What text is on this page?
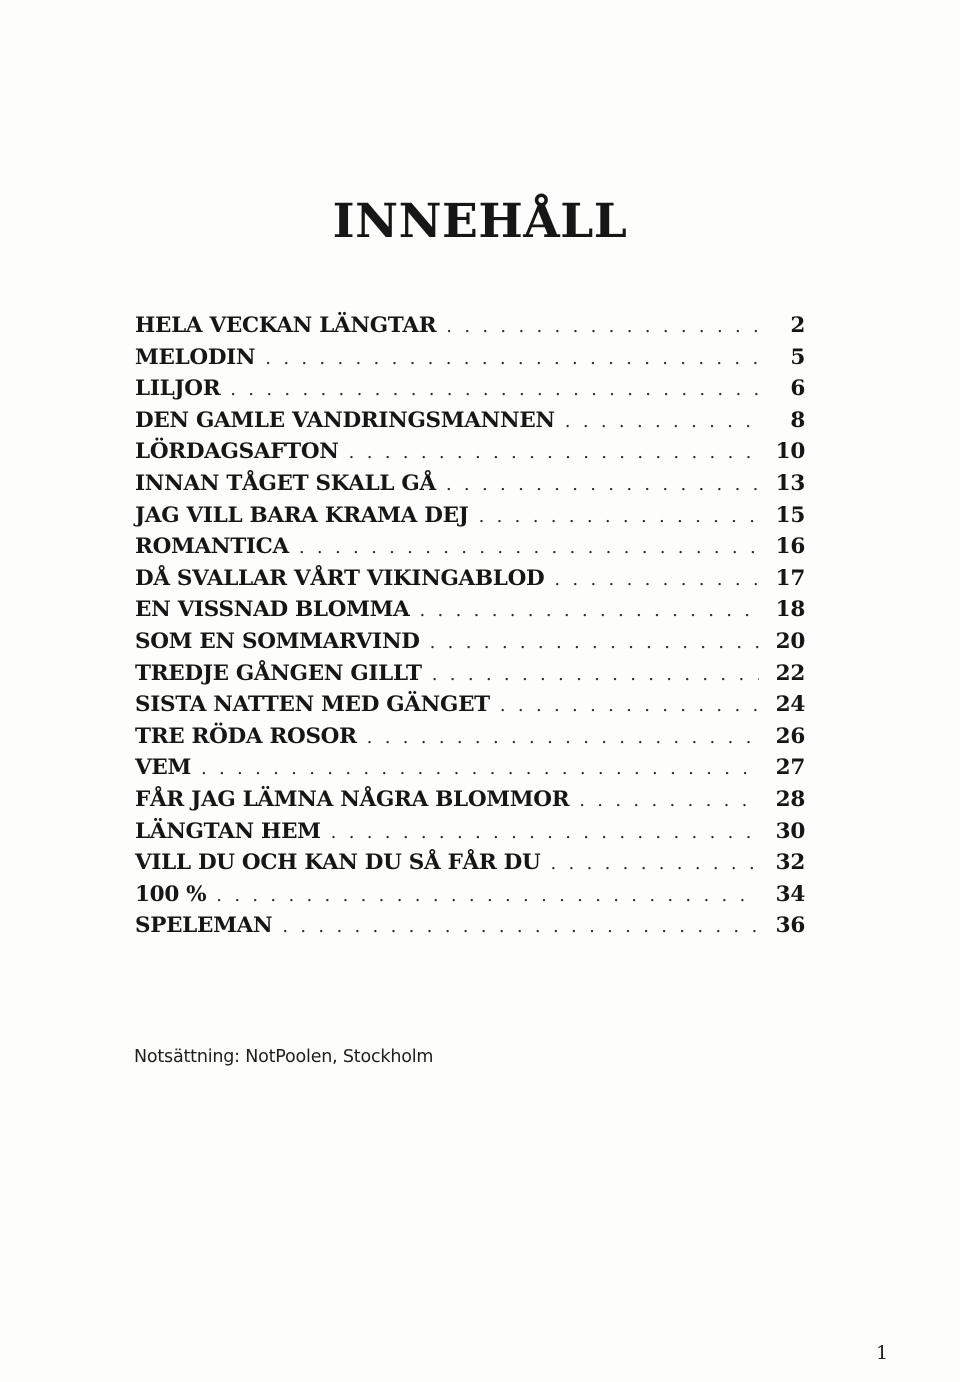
INNEHÅLL
HELA VECKAN LÄNGTAR . . .	2
MELODIN . . .	5
LILJOR . . .	6
DEN GAMLE VANDRINGSMANNEN . . .	8
LÖRDAGSAFTON . . .	10
INNAN TÅGET SKALL GÅ . . .	13
JAG VILL BARA KRAMA DEJ . . .	15
ROMANTICA . . .	16
DÅ SVALLAR VÅRT VIKINGABLOD . . .	17
EN VISSNAD BLOMMA . . .	18
SOM EN SOMMARVIND . . .	20
TREDJE GÅNGEN GILLT . . .	22
SISTA NATTEN MED GÄNGET . . .	24
TRE RÖDA ROSOR . . .	26
VEM . . .	27
FÅR JAG LÄMNA NÅGRA BLOMMOR . . .	28
LÄNGTAN HEM . . .	30
VILL DU OCH KAN DU SÅ FÅR DU . . .	32
100 % . . .	34
SPELEMAN . . .	36
Notsättning: NotPoolen, Stockholm
1
